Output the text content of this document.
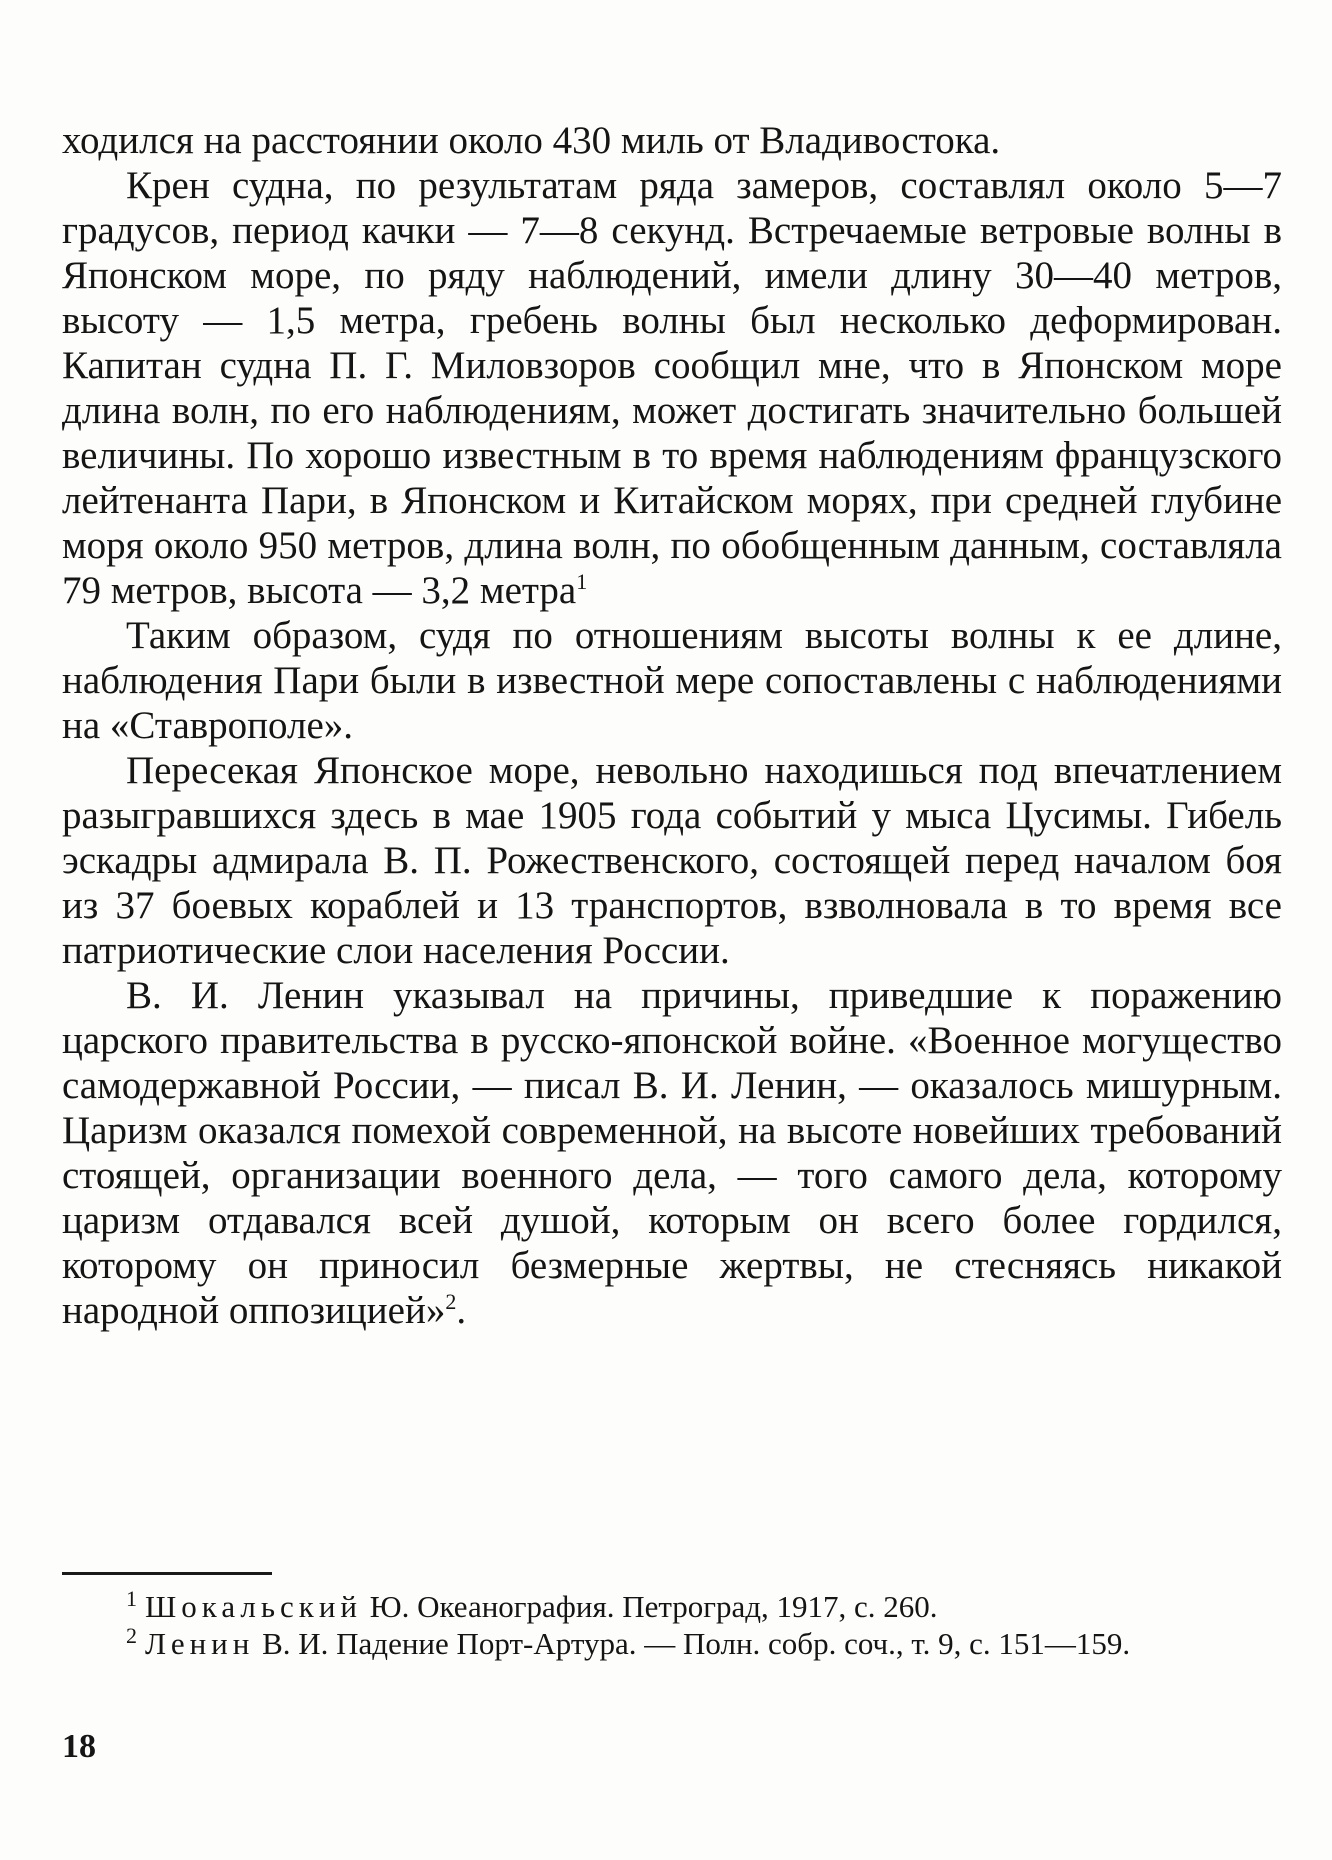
ходился на расстоянии около 430 миль от Владивостока.

Крен судна, по результатам ряда замеров, составлял около 5—7 градусов, период качки — 7—8 секунд. Встречаемые ветровые волны в Японском море, по ряду наблюдений, имели длину 30—40 метров, высоту — 1,5 метра, гребень волны был несколько деформирован. Капитан судна П. Г. Миловзоров сообщил мне, что в Японском море длина волн, по его наблюдениям, может достигать значительно большей величины. По хорошо известным в то время наблюдениям французского лейтенанта Пари, в Японском и Китайском морях, при средней глубине моря около 950 метров, длина волн, по обобщенным данным, составляла 79 метров, высота — 3,2 метра$^1$

Таким образом, судя по отношениям высоты волны к ее длине, наблюдения Пари были в известной мере сопоставлены с наблюдениями на «Ставрополе».

Пересекая Японское море, невольно находишься под впечатлением разыгравшихся здесь в мае 1905 года событий у мыса Цусимы. Гибель эскадры адмирала В. П. Рожественского, состоящей перед началом боя из 37 боевых кораблей и 13 транспортов, взволновала в то время все патриотические слои населения России.

В. И. Ленин указывал на причины, приведшие к поражению царского правительства в русско-японской войне. «Военное могущество самодержавной России, — писал В. И. Ленин, — оказалось мишурным. Царизм оказался помехой современной, на высоте новейших требований стоящей, организации военного дела, — того самого дела, которому царизм отдавался всей душой, которым он всего более гордился, которому он приносил безмерные жертвы, не стесняясь никакой народной оппозицией»$^2$.

$^1$ Шокальский Ю. Океанография. Петроград, 1917, с. 260.

$^2$ Ленин В. И. Падение Порт-Артура. — Полн. собр. соч., т. 9, с. 151—159.

18
